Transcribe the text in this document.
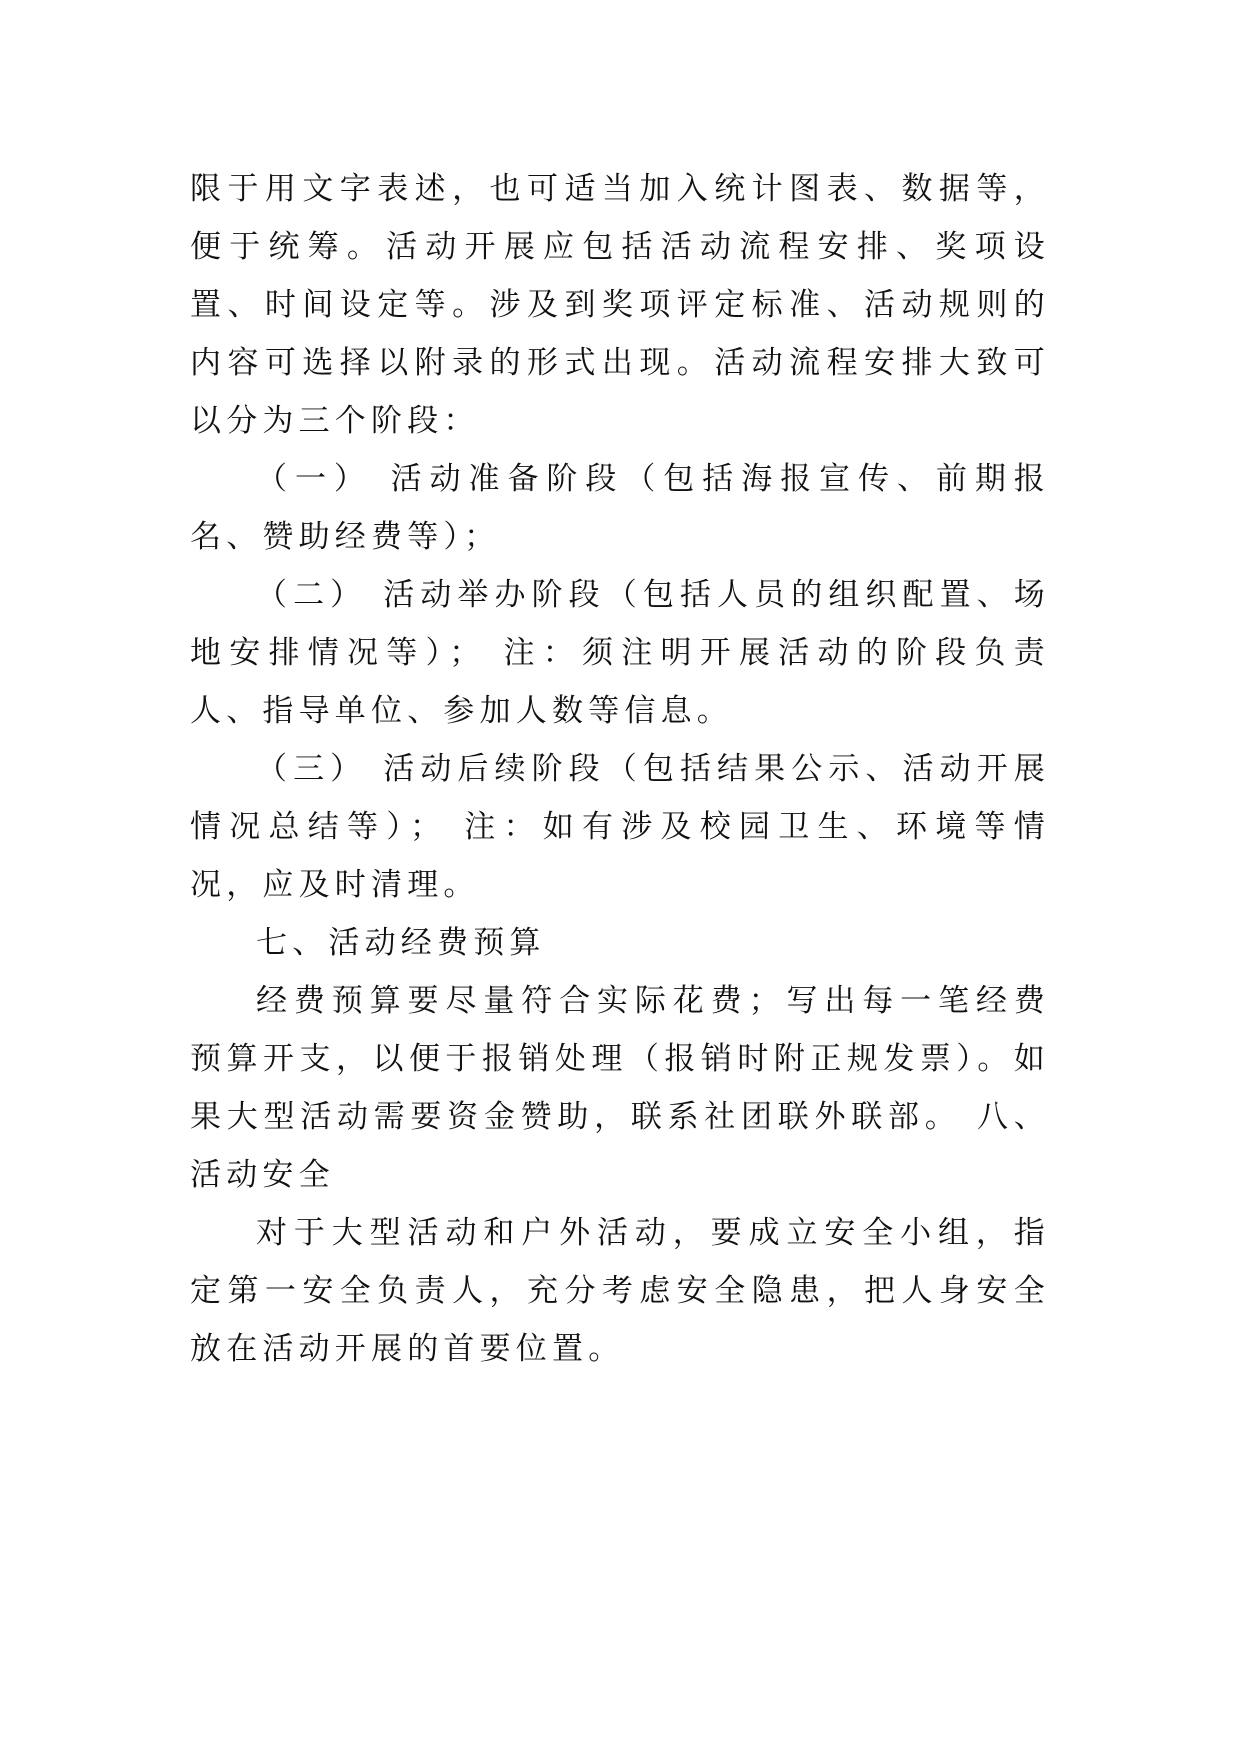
限于用文字表述，也可适当加入统计图表、数据等，便于统筹。活动开展应包括活动流程安排、奖项设置、时间设定等。涉及到奖项评定标准、活动规则的内容可选择以附录的形式出现。活动流程安排大致可以分为三个阶段：

（一） 活动准备阶段（包括海报宣传、前期报名、赞助经费等）；

（二） 活动举办阶段（包括人员的组织配置、场地安排情况等）； 注：须注明开展活动的阶段负责人、指导单位、参加人数等信息。

（三） 活动后续阶段（包括结果公示、活动开展情况总结等）； 注：如有涉及校园卫生、环境等情况，应及时清理。

七、活动经费预算

经费预算要尽量符合实际花费；写出每一笔经费预算开支，以便于报销处理（报销时附正规发票）。如果大型活动需要资金赞助，联系社团联外联部。 八、活动安全

对于大型活动和户外活动，要成立安全小组，指定第一安全负责人，充分考虑安全隐患，把人身安全放在活动开展的首要位置。
